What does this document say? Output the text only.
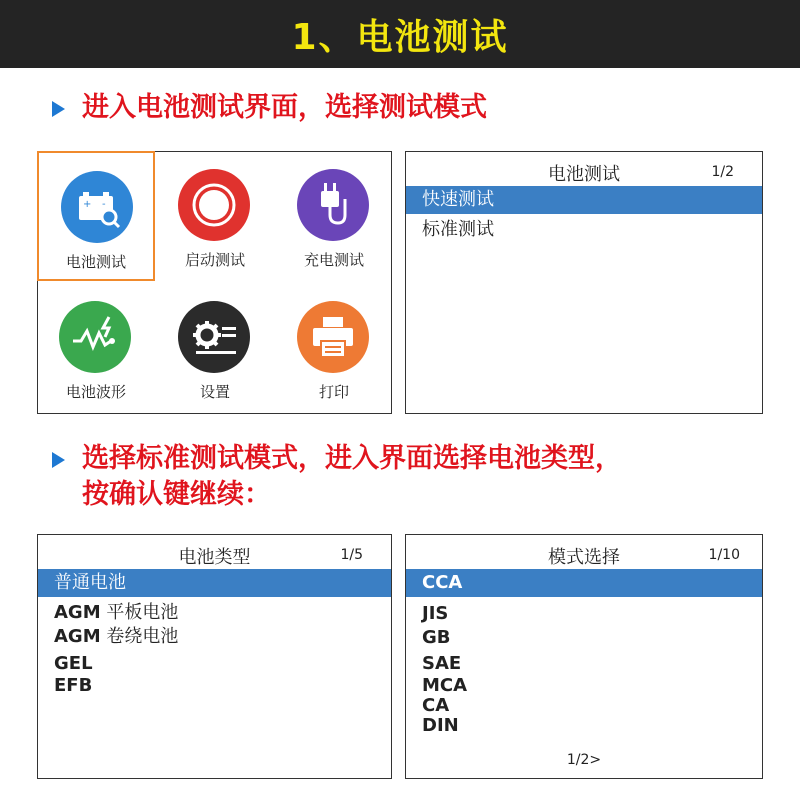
1、电池测试
进入电池测试界面，选择测试模式
+ -
电池测试	启动测试	充电测试
电池波形	设置	打印
电池测试	1/2
快速测试
标准测试
选择标准测试模式，进入界面选择电池类型，
按确认键继续：
电池类型	1/5
普通电池
AGM 平板电池
AGM 卷绕电池
GEL
EFB
模式选择	1/10
CCA
JIS
GB
SAE
MCA
CA
DIN
1/2>
